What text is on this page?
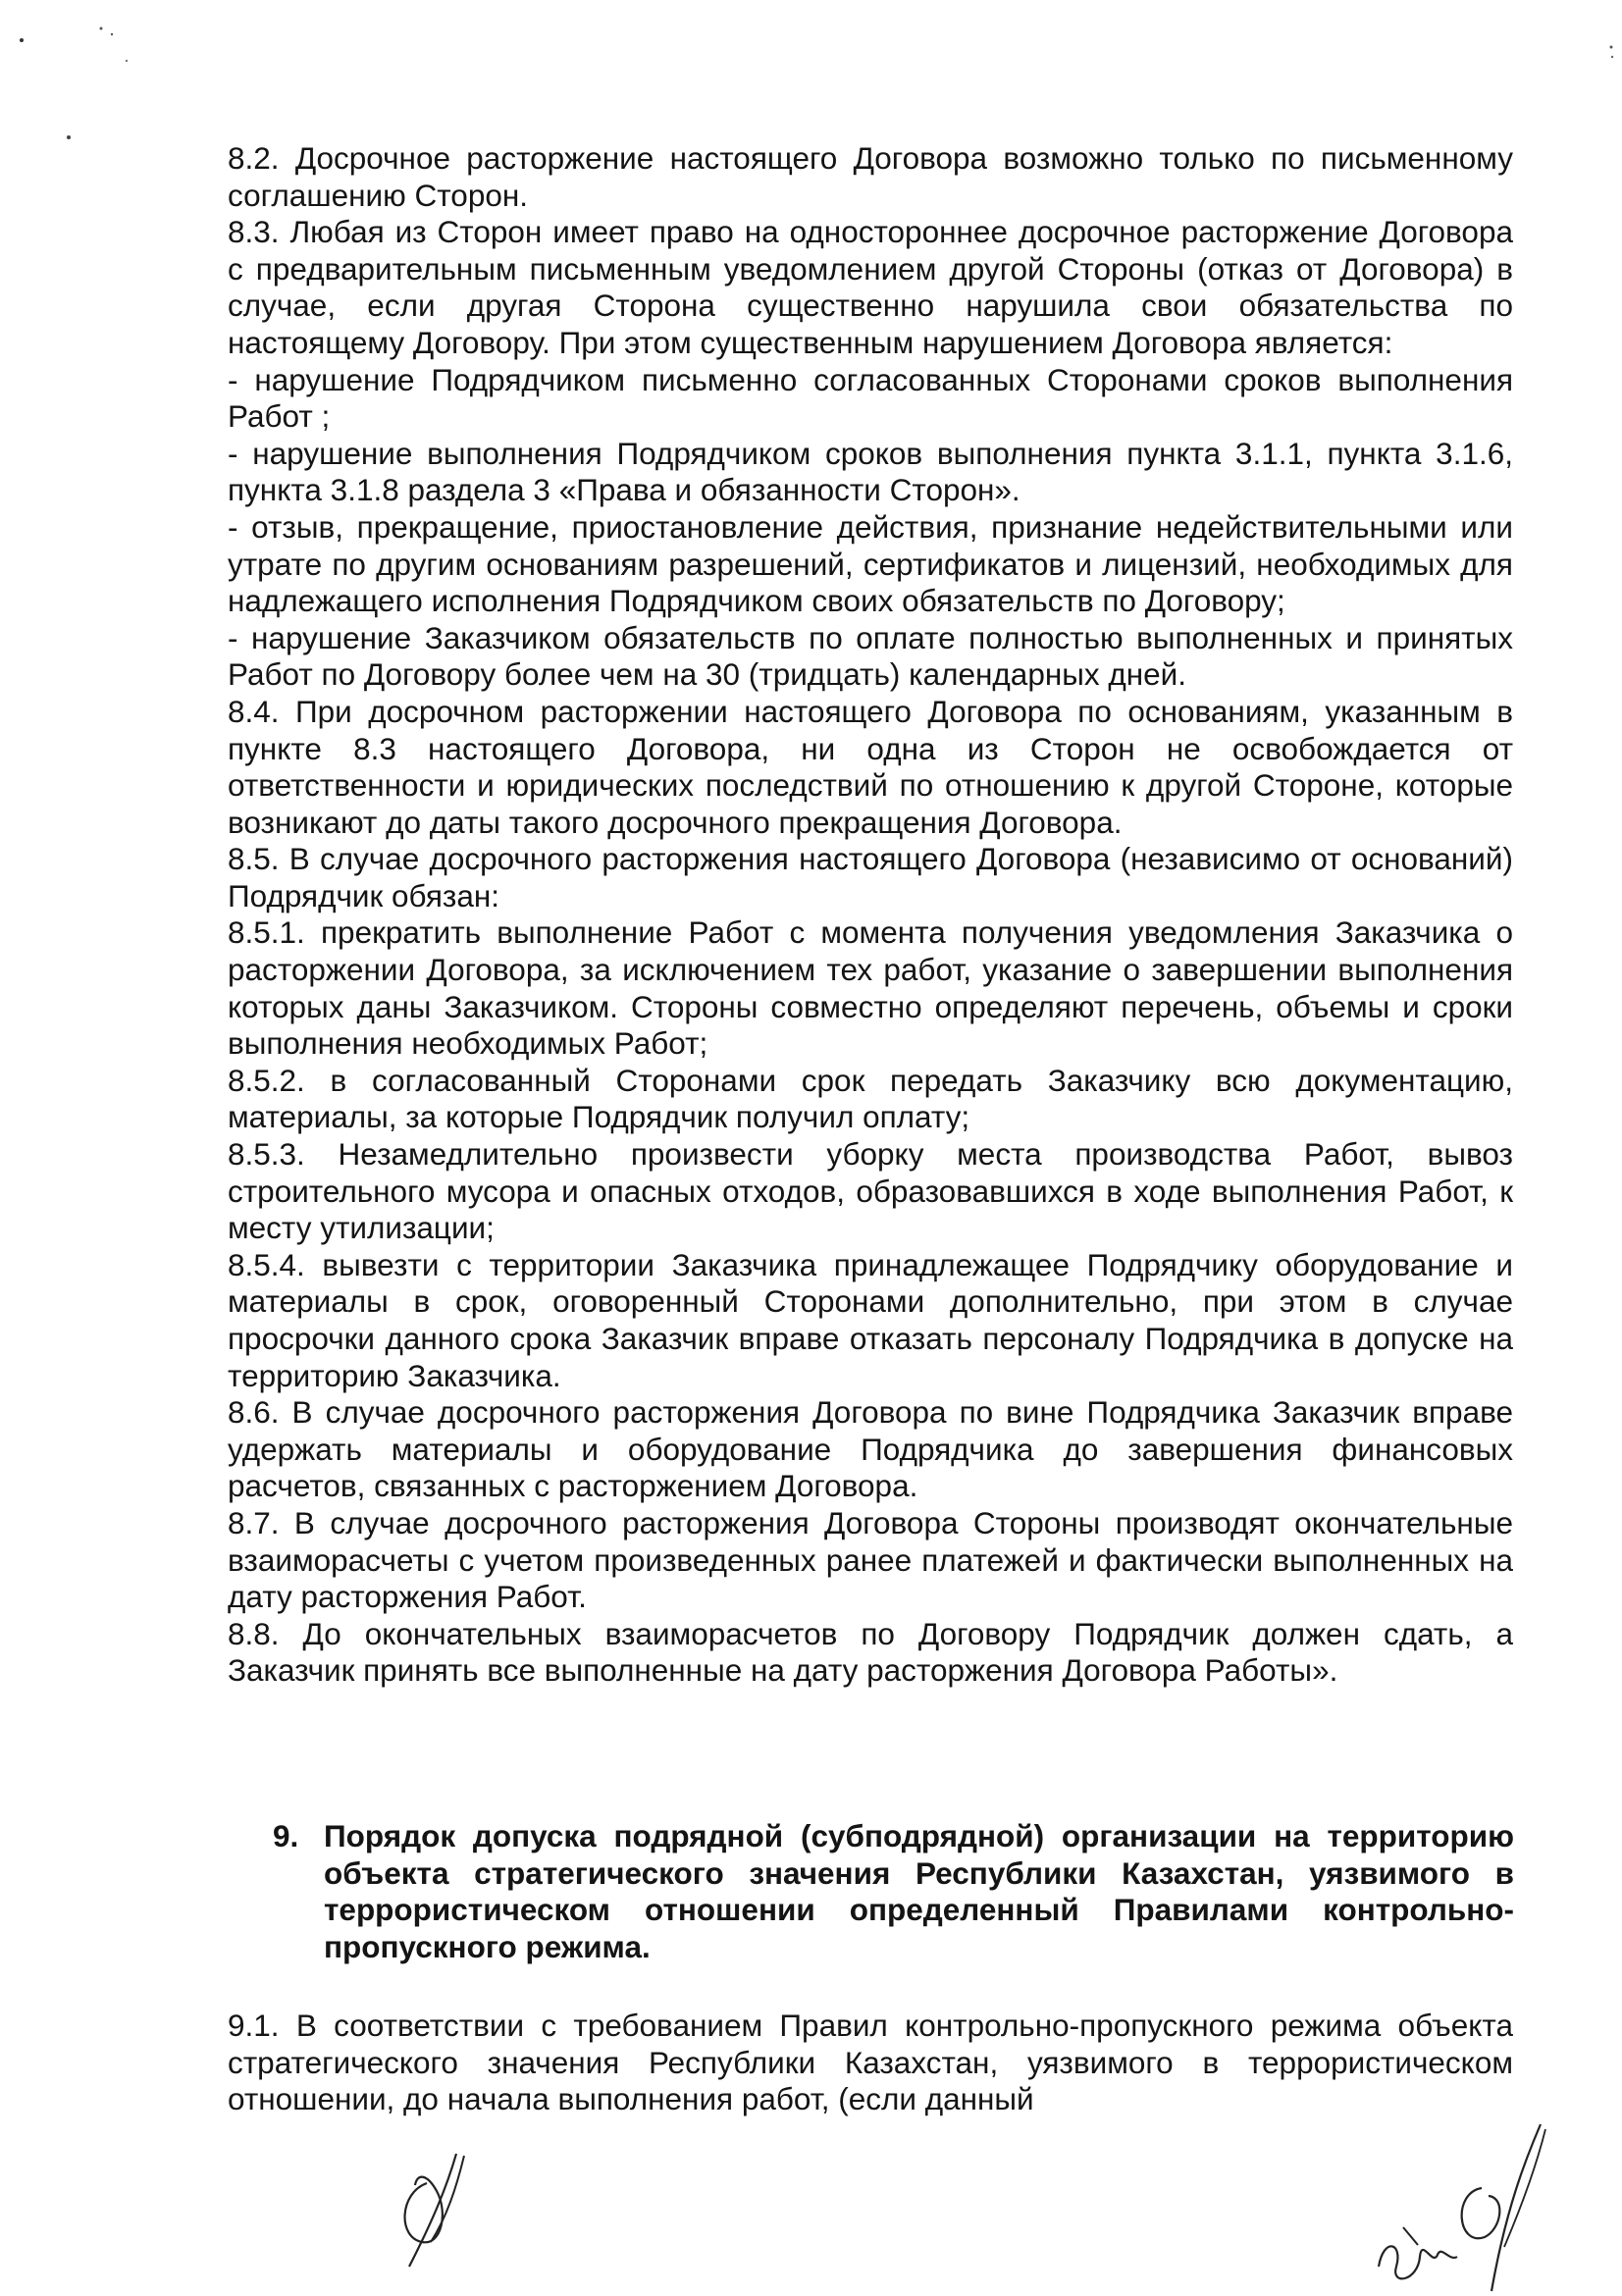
8.2. Досрочное расторжение настоящего Договора возможно только по письменному соглашению Сторон.

8.3. Любая из Сторон имеет право на одностороннее досрочное расторжение Договора с предварительным письменным уведомлением другой Стороны (отказ от Договора) в случае, если другая Сторона существенно нарушила свои обязательства по настоящему Договору. При этом существенным нарушением Договора является:

- нарушение Подрядчиком письменно согласованных Сторонами сроков выполнения Работ ;

- нарушение выполнения Подрядчиком сроков выполнения пункта 3.1.1, пункта 3.1.6, пункта 3.1.8 раздела 3 «Права и обязанности Сторон».

- отзыв, прекращение, приостановление действия, признание недействительными или утрате по другим основаниям разрешений, сертификатов и лицензий, необходимых для надлежащего исполнения Подрядчиком своих обязательств по Договору;

- нарушение Заказчиком обязательств по оплате полностью выполненных и принятых Работ по Договору более чем на 30 (тридцать) календарных дней.

8.4. При досрочном расторжении настоящего Договора по основаниям, указанным в пункте 8.3 настоящего Договора, ни одна из Сторон не освобождается от ответственности и юридических последствий по отношению к другой Стороне, которые возникают до даты такого досрочного прекращения Договора.

8.5. В случае досрочного расторжения настоящего Договора (независимо от оснований) Подрядчик обязан:

8.5.1. прекратить выполнение Работ с момента получения уведомления Заказчика о расторжении Договора, за исключением тех работ, указание о завершении выполнения которых даны Заказчиком. Стороны совместно определяют перечень, объемы и сроки выполнения необходимых Работ;

8.5.2. в согласованный Сторонами срок передать Заказчику всю документацию, материалы, за которые Подрядчик получил оплату;

8.5.3. Незамедлительно произвести уборку места производства Работ, вывоз строительного мусора и опасных отходов, образовавшихся в ходе выполнения Работ, к месту утилизации;

8.5.4. вывезти с территории Заказчика принадлежащее Подрядчику оборудование и материалы в срок, оговоренный Сторонами дополнительно, при этом в случае просрочки данного срока Заказчик вправе отказать персоналу Подрядчика в допуске на территорию Заказчика.

8.6. В случае досрочного расторжения Договора по вине Подрядчика Заказчик вправе удержать материалы и оборудование Подрядчика до завершения финансовых расчетов, связанных с расторжением Договора.

8.7. В случае досрочного расторжения Договора Стороны производят окончательные взаиморасчеты с учетом произведенных ранее платежей и фактически выполненных на дату расторжения Работ.

8.8. До окончательных взаиморасчетов по Договору Подрядчик должен сдать, а Заказчик принять все выполненные на дату расторжения Договора Работы».

9. Порядок допуска подрядной (субподрядной) организации на территорию объекта стратегического значения Республики Казахстан, уязвимого в террористическом отношении определенный Правилами контрольно-пропускного режима.

9.1. В соответствии с требованием Правил контрольно-пропускного режима объекта стратегического значения Республики Казахстан, уязвимого в террористическом отношении, до начала выполнения работ, (если данный
